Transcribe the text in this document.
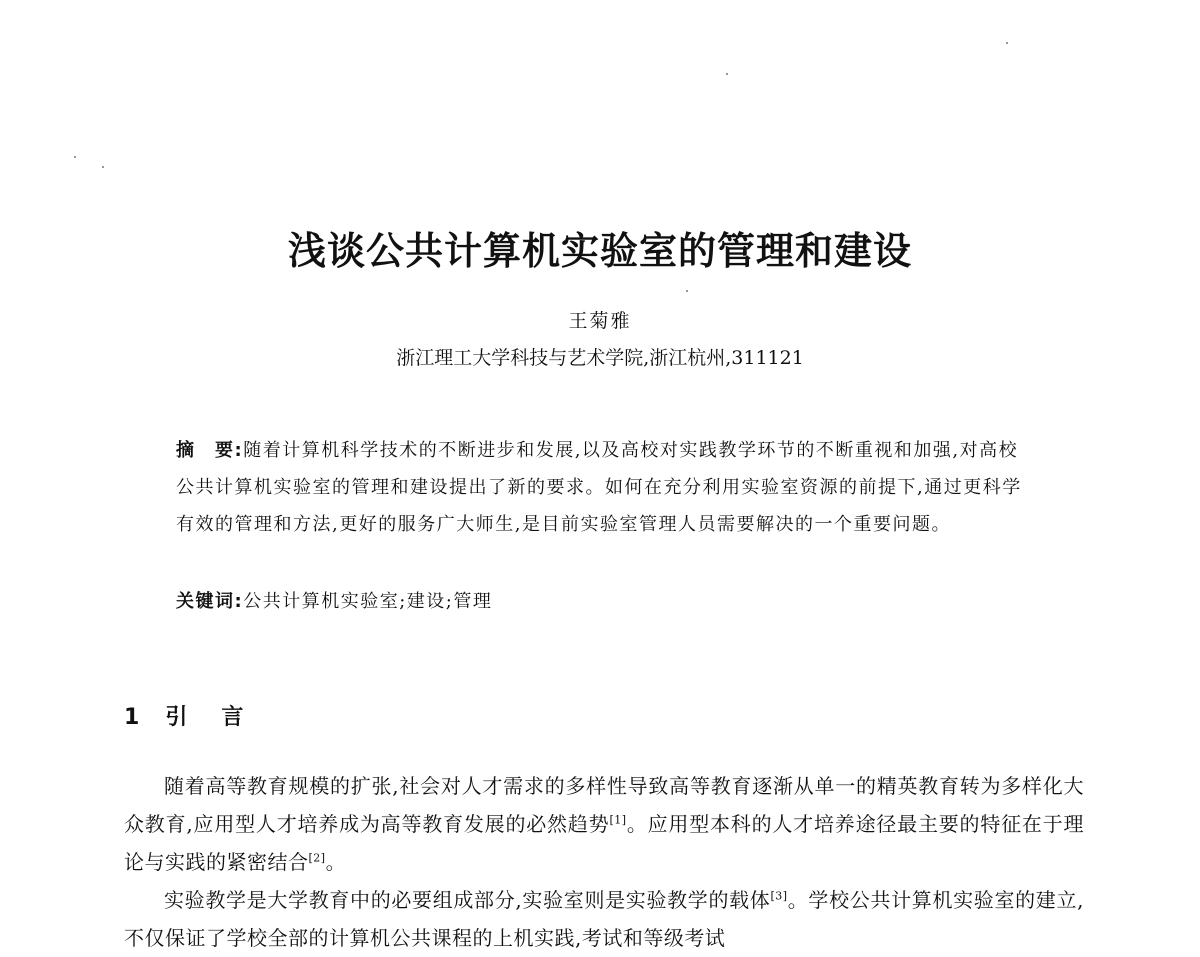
浅谈公共计算机实验室的管理和建设
王菊雅
浙江理工大学科技与艺术学院,浙江杭州,311121
摘　要:随着计算机科学技术的不断进步和发展,以及高校对实践教学环节的不断重视和加强,对高校公共计算机实验室的管理和建设提出了新的要求。如何在充分利用实验室资源的前提下,通过更科学有效的管理和方法,更好的服务广大师生,是目前实验室管理人员需要解决的一个重要问题。
关键词:公共计算机实验室;建设;管理
1 引言

随着高等教育规模的扩张,社会对人才需求的多样性导致高等教育逐渐从单一的精英教育转为多样化大众教育,应用型人才培养成为高等教育发展的必然趋势[1]。应用型本科的人才培养途径最主要的特征在于理论与实践的紧密结合[2]。

实验教学是大学教育中的必要组成部分,实验室则是实验教学的载体[3]。学校公共计算机实验室的建立,不仅保证了学校全部的计算机公共课程的上机实践,考试和等级考试
